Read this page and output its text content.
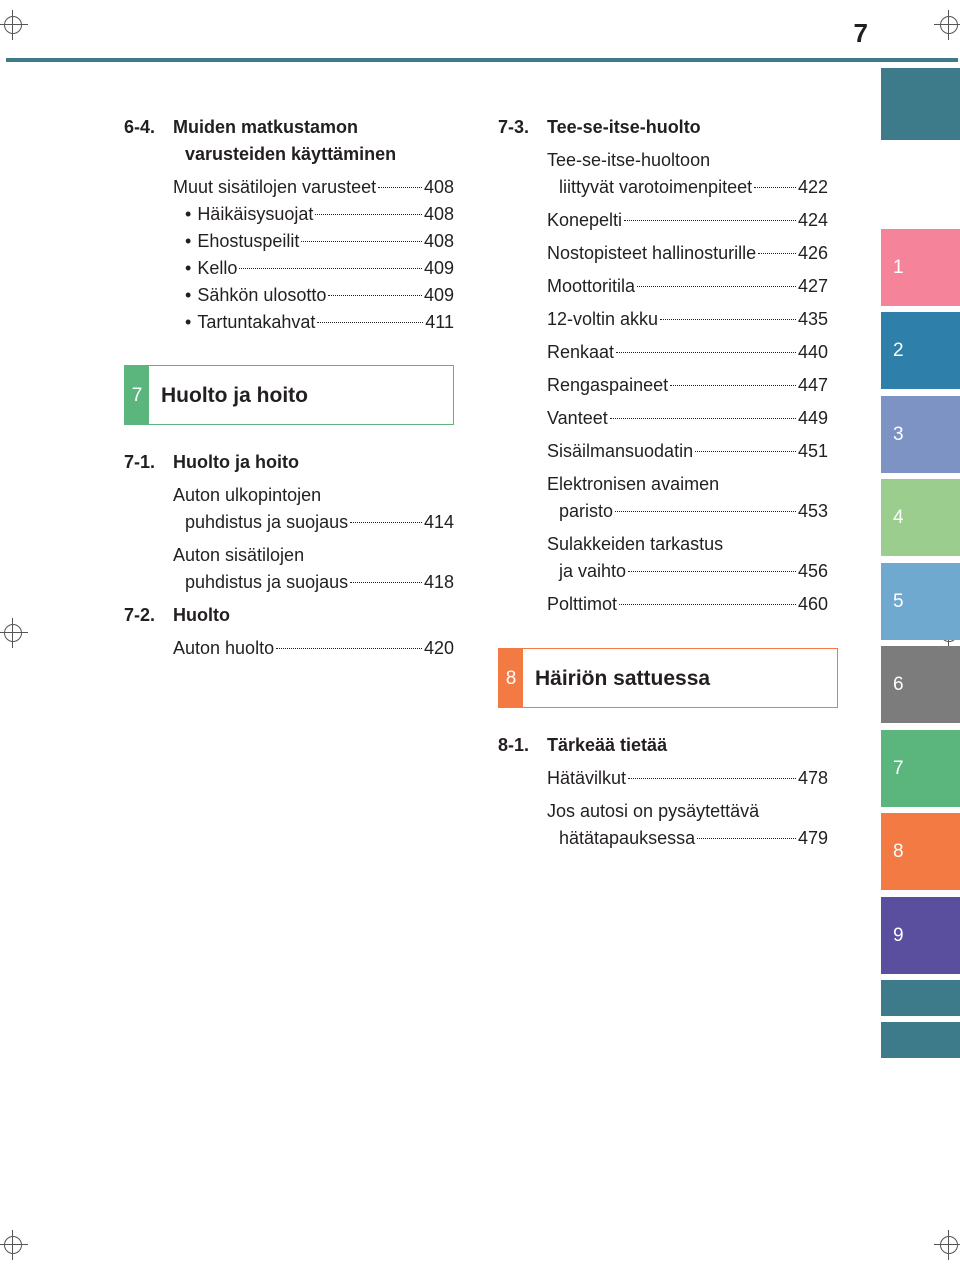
7
1
2
3
4
5
6
7
8
9
6-4. Muiden matkustamon
varusteiden käyttäminen
Muut sisätilojen varusteet	408
• Häikäisysuojat	408
• Ehostuspeilit	408
• Kello	409
• Sähkön ulosotto	409
• Tartuntakahvat	411
7 Huolto ja hoito
7-1. Huolto ja hoito
Auton ulkopintojen
puhdistus ja suojaus	414
Auton sisätilojen
puhdistus ja suojaus	418
7-2. Huolto
Auton huolto	420
7-3. Tee-se-itse-huolto
Tee-se-itse-huoltoon
liittyvät varotoimenpiteet	422
Konepelti	424
Nostopisteet hallinosturille 426
Moottoritila	427
12-voltin akku	435
Renkaat	440
Rengaspaineet	447
Vanteet	449
Sisäilmansuodatin	451
Elektronisen avaimen
paristo	453
Sulakkeiden tarkastus
ja vaihto	456
Polttimot	460
8 Häiriön sattuessa
8-1. Tärkeää tietää
Hätävilkut	478
Jos autosi on pysäytettävä
hätätapauksessa	479
